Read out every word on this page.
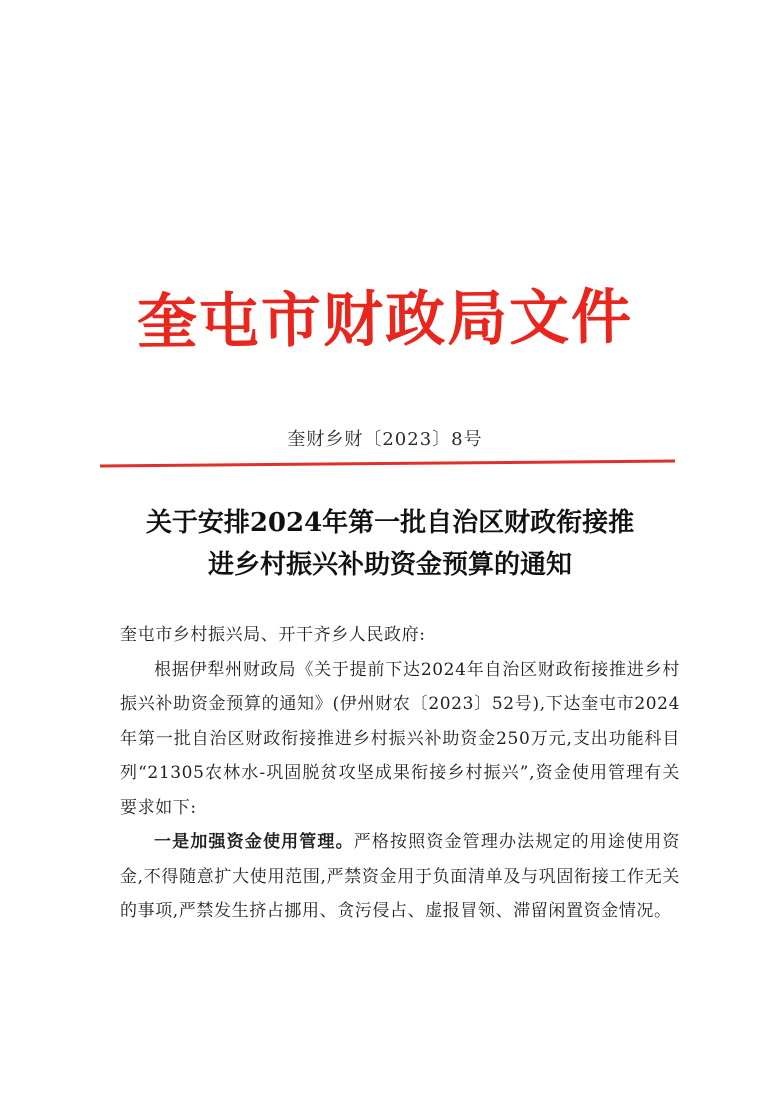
奎屯市财政局文件
奎财乡财〔2023〕8号
关于安排2024年第一批自治区财政衔接推
进乡村振兴补助资金预算的通知

奎屯市乡村振兴局、开干齐乡人民政府:

根据伊犁州财政局《关于提前下达2024年自治区财政衔接推进乡村振兴补助资金预算的通知》(伊州财农〔2023〕52号),下达奎屯市2024年第一批自治区财政衔接推进乡村振兴补助资金250万元,支出功能科目列“21305农林水-巩固脱贫攻坚成果衔接乡村振兴”,资金使用管理有关要求如下:

一是加强资金使用管理。严格按照资金管理办法规定的用途使用资金,不得随意扩大使用范围,严禁资金用于负面清单及与巩固衔接工作无关的事项,严禁发生挤占挪用、贪污侵占、虚报冒领、滞留闲置资金情况。
